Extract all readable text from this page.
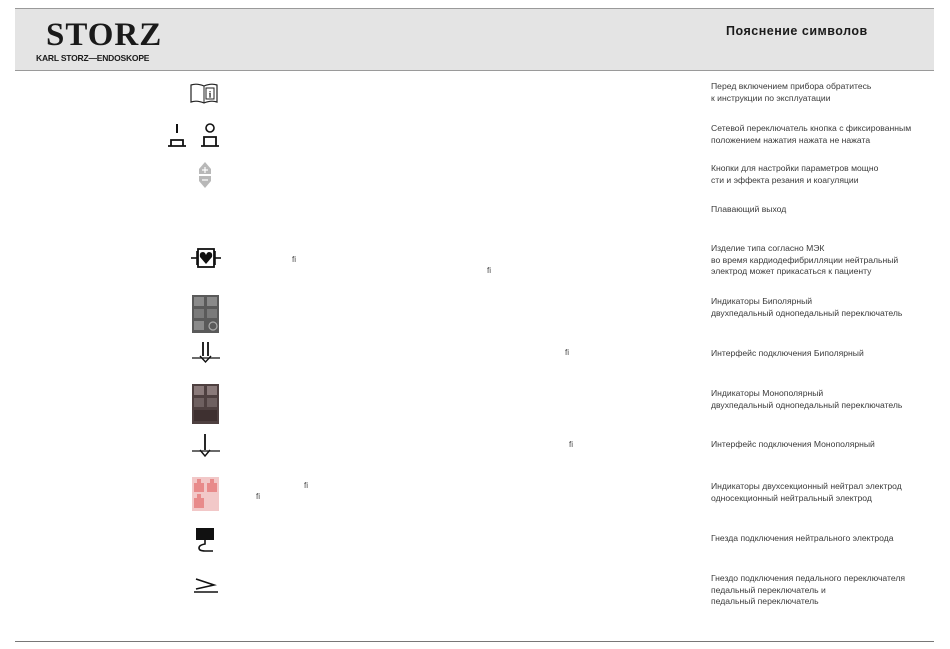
STORZ
KARL STORZ—ENDOSKOPE
Пояснение символов
i
Перед включением прибора обратитесь
к инструкции по эксплуатации
Сетевой переключатель кнопка с фиксированным
положением нажатия нажата не нажата
Кнопки для настройки параметров мощно
сти и эффекта резания и коагуляции
Плавающий выход
fi
fi
Изделие типа согласно МЭК
во время кардиодефибрилляции нейтральный
электрод может прикасаться к пациенту
Индикаторы Биполярный
двухпедальный однопедальный переключатель
fi	Интерфейс подключения Биполярный
Индикаторы Монополярный
двухпедальный однопедальный переключатель
fi	Интерфейс подключения Монополярный
fi
fi
Индикаторы двухсекционный нейтрал электрод
односекционный нейтральный электрод
Гнезда подключения нейтрального электрода
Гнездо подключения педального переключателя
педальный переключатель и
педальный переключатель
